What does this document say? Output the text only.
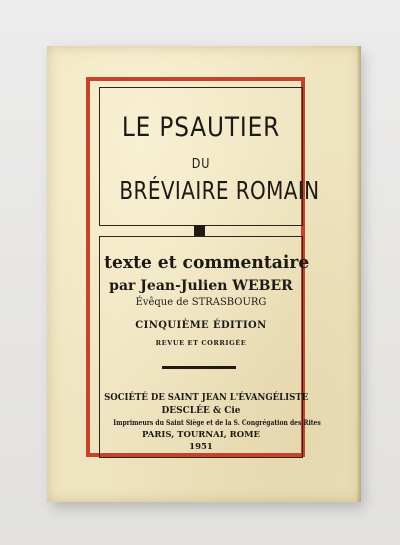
LE PSAUTIER
DU
BRÉVIAIRE ROMAIN
texte et commentaire
par Jean-Julien WEBER
Évêque de STRASBOURG
CINQUIÈME ÉDITION
REVUE ET CORRIGÉE
SOCIÉTÉ DE SAINT JEAN L'ÉVANGÉLISTE
DESCLÉE & Cie
Imprimeurs du Saint Siège et de la S. Congrégation des Rites
PARIS, TOURNAI, ROME
1951
